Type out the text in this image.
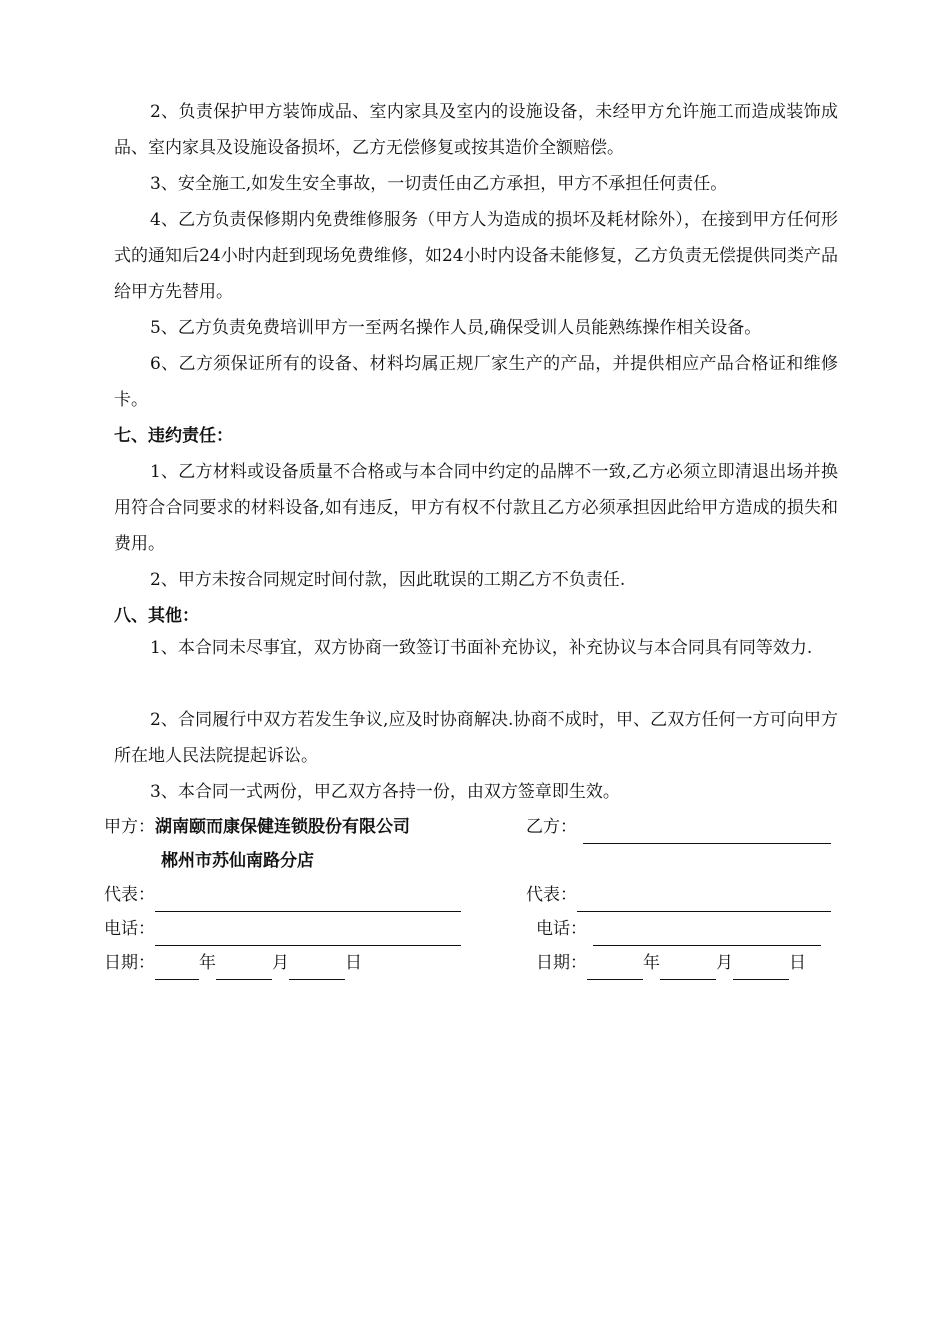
2、负责保护甲方装饰成品、室内家具及室内的设施设备，未经甲方允许施工而造成装饰成品、室内家具及设施设备损坏，乙方无偿修复或按其造价全额赔偿。

3、安全施工,如发生安全事故，一切责任由乙方承担，甲方不承担任何责任。

4、乙方负责保修期内免费维修服务（甲方人为造成的损坏及耗材除外），在接到甲方任何形式的通知后24小时内赶到现场免费维修，如24小时内设备未能修复，乙方负责无偿提供同类产品给甲方先替用。

5、乙方负责免费培训甲方一至两名操作人员,确保受训人员能熟练操作相关设备。

6、乙方须保证所有的设备、材料均属正规厂家生产的产品，并提供相应产品合格证和维修卡。

七、违约责任：

1、乙方材料或设备质量不合格或与本合同中约定的品牌不一致,乙方必须立即清退出场并换用符合合同要求的材料设备,如有违反，甲方有权不付款且乙方必须承担因此给甲方造成的损失和费用。

2、甲方未按合同规定时间付款，因此耽误的工期乙方不负责任.

八、其他：

1、本合同未尽事宜，双方协商一致签订书面补充协议，补充协议与本合同具有同等效力.

2、合同履行中双方若发生争议,应及时协商解决.协商不成时，甲、乙双方任何一方可向甲方所在地人民法院提起诉讼。

3、本合同一式两份，甲乙双方各持一份，由双方签章即生效。

甲方：湖南颐而康保健连锁股份有限公司
郴州市苏仙南路分店
代表：
电话：
日期：	年	月	日
乙方：
代表：
电话：
日期：	年	月	日
